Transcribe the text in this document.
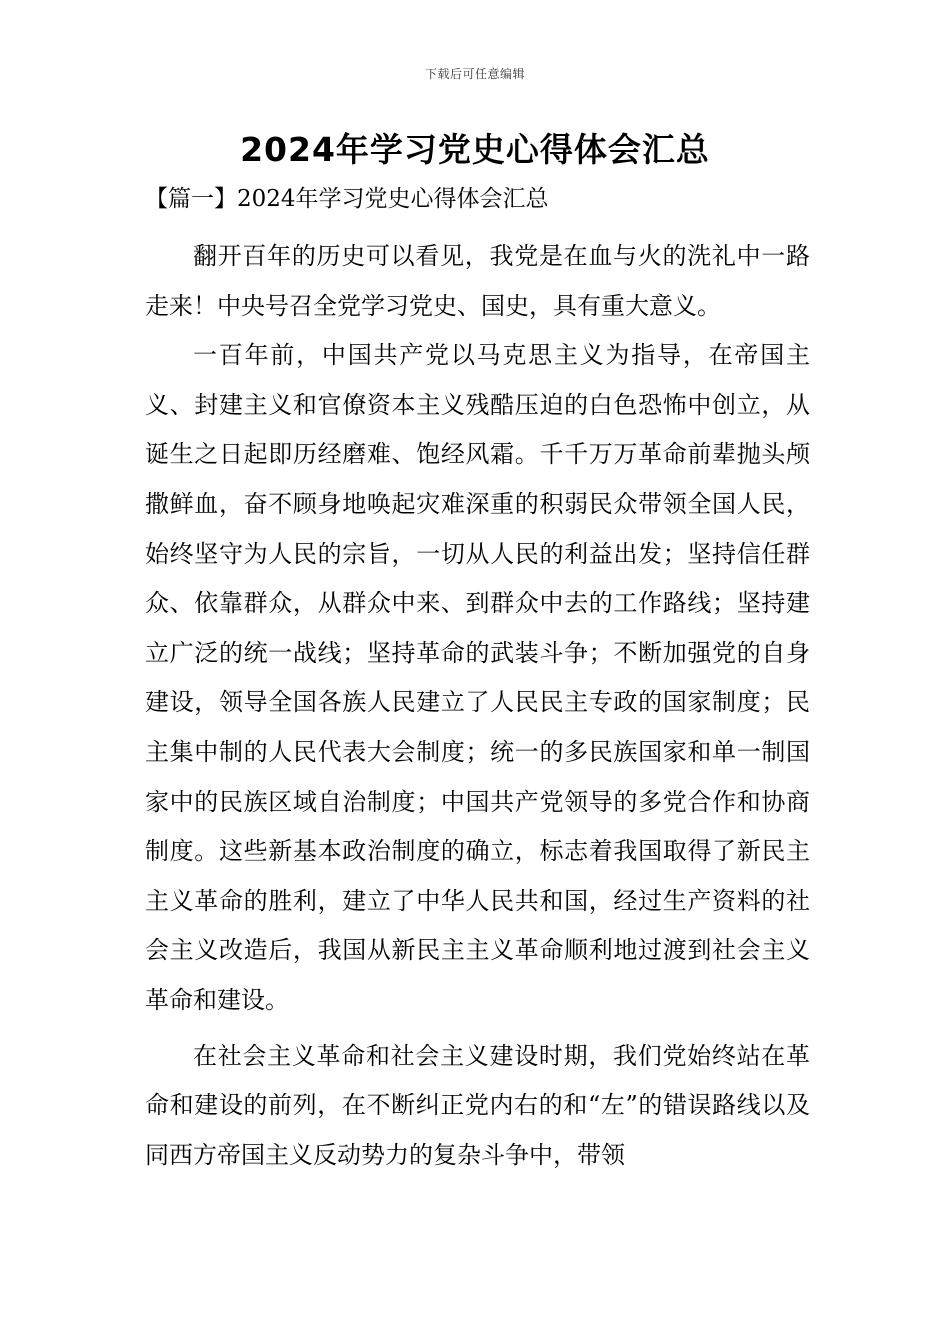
下载后可任意编辑
2024年学习党史心得体会汇总
【篇一】2024年学习党史心得体会汇总

翻开百年的历史可以看见，我党是在血与火的洗礼中一路走来！中央号召全党学习党史、国史，具有重大意义。

一百年前，中国共产党以马克思主义为指导，在帝国主义、封建主义和官僚资本主义残酷压迫的白色恐怖中创立，从诞生之日起即历经磨难、饱经风霜。千千万万革命前辈抛头颅撒鲜血，奋不顾身地唤起灾难深重的积弱民众带领全国人民，始终坚守为人民的宗旨，一切从人民的利益出发；坚持信任群众、依靠群众，从群众中来、到群众中去的工作路线；坚持建立广泛的统一战线；坚持革命的武装斗争；不断加强党的自身建设，领导全国各族人民建立了人民民主专政的国家制度；民主集中制的人民代表大会制度；统一的多民族国家和单一制国家中的民族区域自治制度；中国共产党领导的多党合作和协商制度。这些新基本政治制度的确立，标志着我国取得了新民主主义革命的胜利，建立了中华人民共和国，经过生产资料的社会主义改造后，我国从新民主主义革命顺利地过渡到社会主义革命和建设。

在社会主义革命和社会主义建设时期，我们党始终站在革命和建设的前列，在不断纠正党内右的和“左”的错误路线以及同西方帝国主义反动势力的复杂斗争中，带领
